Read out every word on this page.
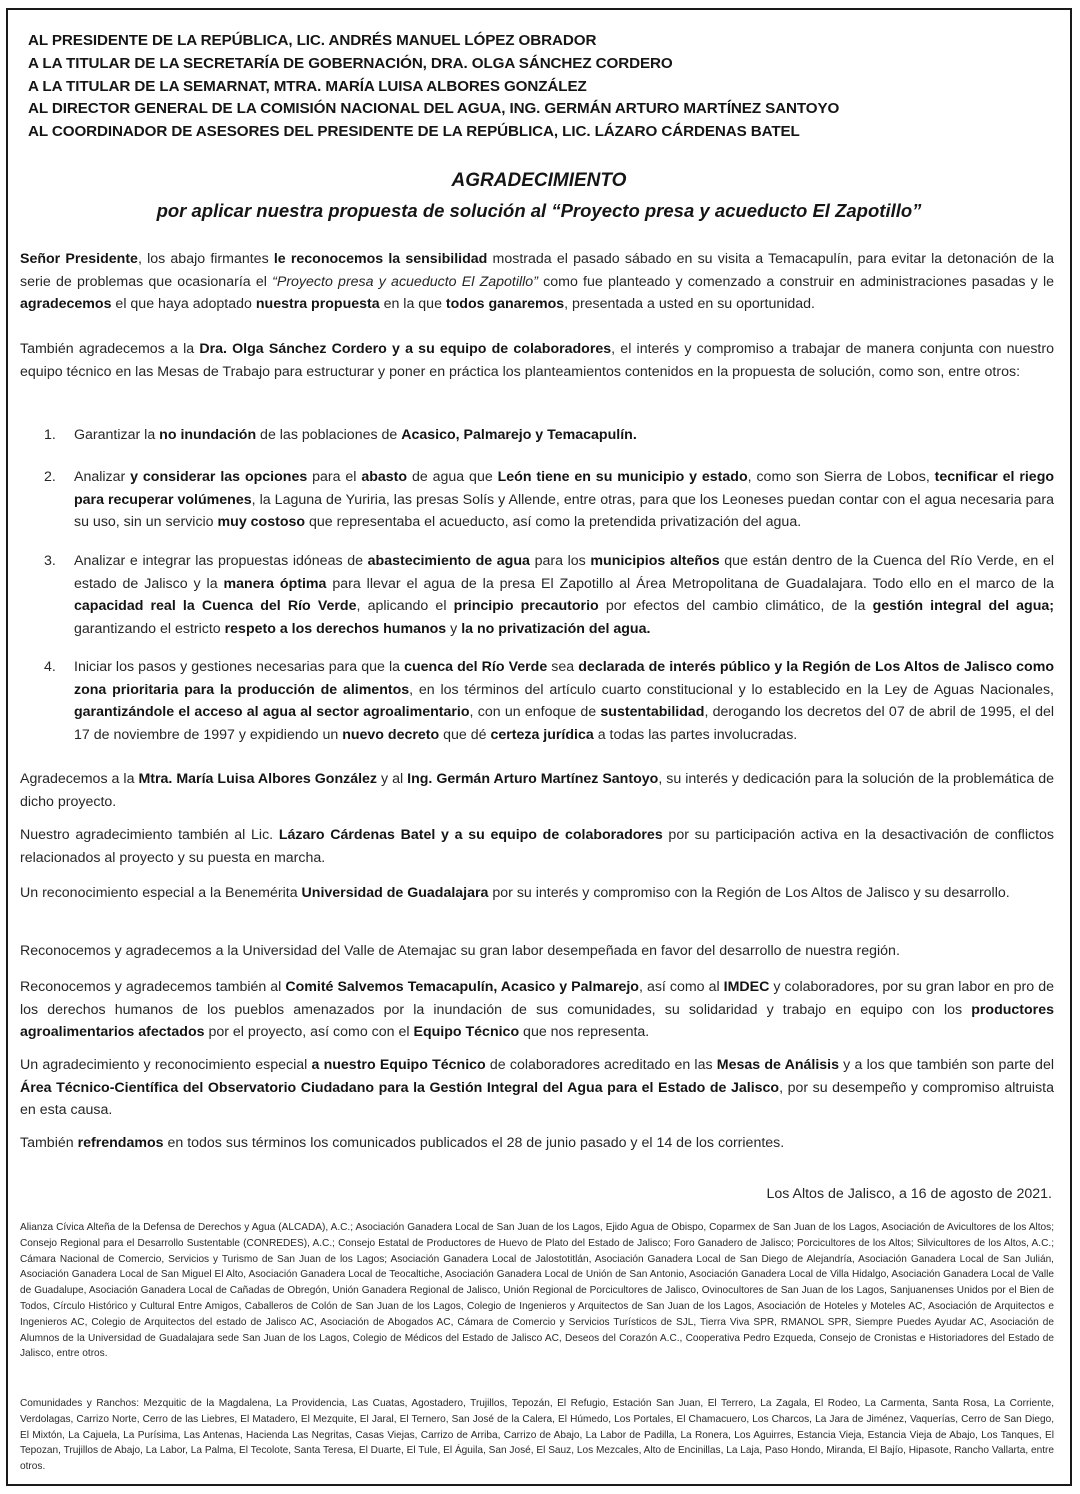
AL PRESIDENTE DE LA REPÚBLICA, LIC. ANDRÉS MANUEL LÓPEZ OBRADOR
A LA TITULAR DE LA SECRETARÍA DE GOBERNACIÓN, DRA. OLGA SÁNCHEZ CORDERO
A LA TITULAR DE LA SEMARNAT, MTRA. MARÍA LUISA ALBORES GONZÁLEZ
AL DIRECTOR GENERAL DE LA COMISIÓN NACIONAL DEL AGUA, ING. GERMÁN ARTURO MARTÍNEZ SANTOYO
AL COORDINADOR DE ASESORES DEL PRESIDENTE DE LA REPÚBLICA, LIC. LÁZARO CÁRDENAS BATEL
AGRADECIMIENTO
por aplicar nuestra propuesta de solución al “Proyecto presa y acueducto El Zapotillo”
Señor Presidente, los abajo firmantes le reconocemos la sensibilidad mostrada el pasado sábado en su visita a Temacapulín, para evitar la detonación de la serie de problemas que ocasionaría el “Proyecto presa y acueducto El Zapotillo” como fue planteado y comenzado a construir en administraciones pasadas y le agradecemos el que haya adoptado nuestra propuesta en la que todos ganaremos, presentada a usted en su oportunidad.
También agradecemos a la Dra. Olga Sánchez Cordero y a su equipo de colaboradores, el interés y compromiso a trabajar de manera conjunta con nuestro equipo técnico en las Mesas de Trabajo para estructurar y poner en práctica los planteamientos contenidos en la propuesta de solución, como son, entre otros:
1. Garantizar la no inundación de las poblaciones de Acasico, Palmarejo y Temacapulín.
2. Analizar y considerar las opciones para el abasto de agua que León tiene en su municipio y estado, como son Sierra de Lobos, tecnificar el riego para recuperar volúmenes, la Laguna de Yuriria, las presas Solís y Allende, entre otras, para que los Leoneses puedan contar con el agua necesaria para su uso, sin un servicio muy costoso que representaba el acueducto, así como la pretendida privatización del agua.
3. Analizar e integrar las propuestas idóneas de abastecimiento de agua para los municipios alteños que están dentro de la Cuenca del Río Verde, en el estado de Jalisco y la manera óptima para llevar el agua de la presa El Zapotillo al Área Metropolitana de Guadalajara. Todo ello en el marco de la capacidad real la Cuenca del Río Verde, aplicando el principio precautorio por efectos del cambio climático, de la gestión integral del agua; garantizando el estricto respeto a los derechos humanos y la no privatización del agua.
4. Iniciar los pasos y gestiones necesarias para que la cuenca del Río Verde sea declarada de interés público y la Región de Los Altos de Jalisco como zona prioritaria para la producción de alimentos, en los términos del artículo cuarto constitucional y lo establecido en la Ley de Aguas Nacionales, garantizándole el acceso al agua al sector agroalimentario, con un enfoque de sustentabilidad, derogando los decretos del 07 de abril de 1995, el del 17 de noviembre de 1997 y expidiendo un nuevo decreto que dé certeza jurídica a todas las partes involucradas.
Agradecemos a la Mtra. María Luisa Albores González y al Ing. Germán Arturo Martínez Santoyo, su interés y dedicación para la solución de la problemática de dicho proyecto.
Nuestro agradecimiento también al Lic. Lázaro Cárdenas Batel y a su equipo de colaboradores por su participación activa en la desactivación de conflictos relacionados al proyecto y su puesta en marcha.
Un reconocimiento especial a la Benemérita Universidad de Guadalajara por su interés y compromiso con la Región de Los Altos de Jalisco y su desarrollo.
Reconocemos y agradecemos a la Universidad del Valle de Atemajac su gran labor desempeñada en favor del desarrollo de nuestra región.
Reconocemos y agradecemos también al Comité Salvemos Temacapulín, Acasico y Palmarejo, así como al IMDEC y colaboradores, por su gran labor en pro de los derechos humanos de los pueblos amenazados por la inundación de sus comunidades, su solidaridad y trabajo en equipo con los productores agroalimentarios afectados por el proyecto, así como con el Equipo Técnico que nos representa.
Un agradecimiento y reconocimiento especial a nuestro Equipo Técnico de colaboradores acreditado en las Mesas de Análisis y a los que también son parte del Área Técnico-Científica del Observatorio Ciudadano para la Gestión Integral del Agua para el Estado de Jalisco, por su desempeño y compromiso altruista en esta causa.
También refrendamos en todos sus términos los comunicados publicados el 28 de junio pasado y el 14 de los corrientes.
Los Altos de Jalisco, a 16 de agosto de 2021.
Alianza Cívica Alteña de la Defensa de Derechos y Agua (ALCADA), A.C.; Asociación Ganadera Local de San Juan de los Lagos, Ejido Agua de Obispo, Coparmex de San Juan de los Lagos, Asociación de Avicultores de los Altos; Consejo Regional para el Desarrollo Sustentable (CONREDES), A.C.; Consejo Estatal de Productores de Huevo de Plato del Estado de Jalisco; Foro Ganadero de Jalisco; Porcicultores de los Altos; Silvicultores de los Altos, A.C.; Cámara Nacional de Comercio, Servicios y Turismo de San Juan de los Lagos; Asociación Ganadera Local de Jalostotitlán, Asociación Ganadera Local de San Diego de Alejandría, Asociación Ganadera Local de San Julián, Asociación Ganadera Local de San Miguel El Alto, Asociación Ganadera Local de Teocaltiche, Asociación Ganadera Local de Unión de San Antonio, Asociación Ganadera Local de Villa Hidalgo, Asociación Ganadera Local de Valle de Guadalupe, Asociación Ganadera Local de Cañadas de Obregón, Unión Ganadera Regional de Jalisco, Unión Regional de Porcicultores de Jalisco, Ovinocultores de San Juan de los Lagos, Sanjuanenses Unidos por el Bien de Todos, Círculo Histórico y Cultural Entre Amigos, Caballeros de Colón de San Juan de los Lagos, Colegio de Ingenieros y Arquitectos de San Juan de los Lagos, Asociación de Hoteles y Moteles AC, Asociación de Arquitectos e Ingenieros AC, Colegio de Arquitectos del estado de Jalisco AC, Asociación de Abogados AC, Cámara de Comercio y Servicios Turísticos de SJL, Tierra Viva SPR, RMANOL SPR, Siempre Puedes Ayudar AC, Asociación de Alumnos de la Universidad de Guadalajara sede San Juan de los Lagos, Colegio de Médicos del Estado de Jalisco AC, Deseos del Corazón A.C., Cooperativa Pedro Ezqueda, Consejo de Cronistas e Historiadores del Estado de Jalisco, entre otros.
Comunidades y Ranchos: Mezquitic de la Magdalena, La Providencia, Las Cuatas, Agostadero, Trujillos, Tepozán, El Refugio, Estación San Juan, El Terrero, La Zagala, El Rodeo, La Carmenta, Santa Rosa, La Corriente, Verdolagas, Carrizo Norte, Cerro de las Liebres, El Matadero, El Mezquite, El Jaral, El Ternero, San José de la Calera, El Húmedo, Los Portales, El Chamacuero, Los Charcos, La Jara de Jiménez, Vaquerías, Cerro de San Diego, El Mixtón, La Cajuela, La Purísima, Las Antenas, Hacienda Las Negritas, Casas Viejas, Carrizo de Arriba, Carrizo de Abajo, La Labor de Padilla, La Ronera, Los Aguirres, Estancia Vieja, Estancia Vieja de Abajo, Los Tanques, El Tepozan, Trujillos de Abajo, La Labor, La Palma, El Tecolote, Santa Teresa, El Duarte, El Tule, El Águila, San José, El Sauz, Los Mezcales, Alto de Encinillas, La Laja, Paso Hondo, Miranda, El Bajío, Hipasote, Rancho Vallarta, entre otros.
